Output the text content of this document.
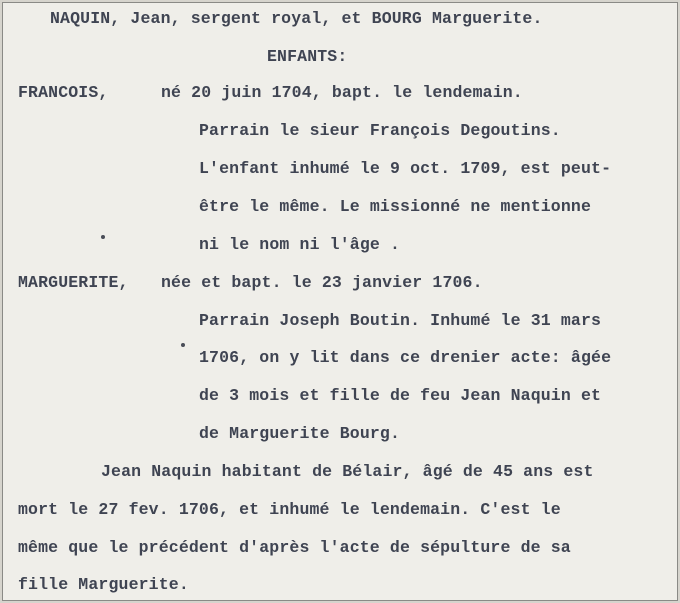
NAQUIN, Jean, sergent royal, et BOURG Marguerite.
ENFANTS:
FRANCOIS,	né 20 juin 1704, bapt. le lendemain.
Parrain le sieur François Degoutins.
L'enfant inhumé le 9 oct. 1709, est peut-
être le même. Le missionné ne mentionne
ni le nom ni l'âge .
MARGUERITE, née et bapt. le 23 janvier 1706.
Parrain Joseph Boutin. Inhumé le 31 mars
1706, on y lit dans ce drenier acte: âgée
de 3 mois et fille de feu Jean Naquin et
de Marguerite Bourg.
Jean Naquin habitant de Bélair, âgé de 45 ans est
mort le 27 fev. 1706, et inhumé le lendemain. C'est le
même que le précédent d'après l'acte de sépulture de sa
fille Marguerite.
